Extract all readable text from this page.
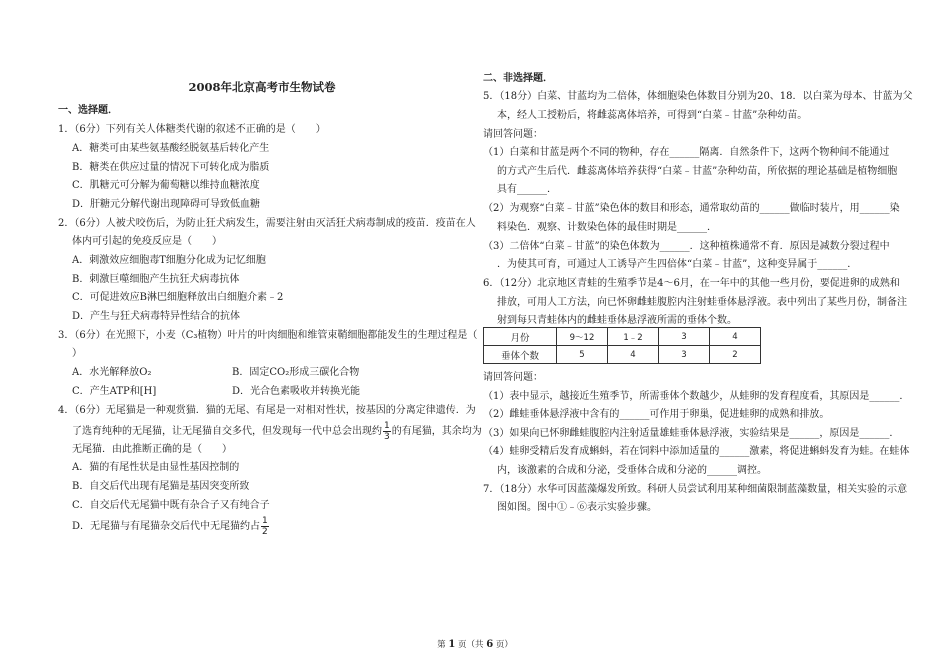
2008年北京高考市生物试卷
一、选择题．
1．（6分）下列有关人体糖类代谢的叙述不正确的是（　　）
A．糖类可由某些氨基酸经脱氨基后转化产生
B．糖类在供应过量的情况下可转化成为脂质
C．肌糖元可分解为葡萄糖以维持血糖浓度
D．肝糖元分解代谢出现障碍可导致低血糖
2．（6分）人被犬咬伤后，为防止狂犬病发生，需要注射由灭活狂犬病毒制成的疫苗．疫苗在人
体内可引起的免疫反应是（　　）
A．刺激效应细胞毒T细胞分化成为记忆细胞
B．刺激巨噬细胞产生抗狂犬病毒抗体
C．可促进效应B淋巴细胞释放出白细胞介素﹣2
D．产生与狂犬病毒特异性结合的抗体
3．（6分）在光照下，小麦（C₃植物）叶片的叶肉细胞和维管束鞘细胞都能发生的生理过程是（
）
A．水光解释放O₂	B．固定CO₂形成三碳化合物
C．产生ATP和[H]	D．光合色素吸收并转换光能
4．（6分）无尾猫是一种观赏猫．猫的无尾、有尾是一对相对性状，按基因的分离定律遗传．为
了选育纯种的无尾猫，让无尾猫自交多代，但发现每一代中总会出现约 $\frac{1}{3}$ 的有尾猫，其余均为
无尾猫．由此推断正确的是（　　）
A．猫的有尾性状是由显性基因控制的
B．自交后代出现有尾猫是基因突变所致
C．自交后代无尾猫中既有杂合子又有纯合子
D．无尾猫与有尾猫杂交后代中无尾猫约占 $\frac{1}{2}$
二、非选择题．
5．（18分）白菜、甘蓝均为二倍体，体细胞染色体数目分别为20、18．以白菜为母本、甘蓝为父
本，经人工授粉后，将雌蕊离体培养，可得到“白菜﹣甘蓝”杂种幼苗。
请回答问题：
（1）白菜和甘蓝是两个不同的物种，存在______隔离．自然条件下，这两个物种间不能通过
的方式产生后代．雌蕊离体培养获得“白菜﹣甘蓝”杂种幼苗，所依据的理论基础是植物细胞
具有______．
（2）为观察“白菜﹣甘蓝”染色体的数目和形态，通常取幼苗的______做临时装片，用______染
料染色．观察、计数染色体的最佳时期是______．
（3）二倍体“白菜﹣甘蓝”的染色体数为______．这种植株通常不育．原因是减数分裂过程中
．为使其可育，可通过人工诱导产生四倍体“白菜﹣甘蓝”，这种变异属于______．
6．（12分）北京地区青蛙的生殖季节是4～6月，在一年中的其他一些月份，要促进卵的成熟和
排放，可用人工方法，向已怀卵雌蛙腹腔内注射蛙垂体悬浮液。表中列出了某些月份，制备注
射到每只青蛙体内的雌蛙垂体悬浮液所需的垂体个数。
月份	9～12	1﹣2	3	4
垂体个数	5	4	3	2
请回答问题：
（1）表中显示，越接近生殖季节，所需垂体个数越少，从蛙卵的发育程度看，其原因是______．
（2）雌蛙垂体悬浮液中含有的______可作用于卵巢，促进蛙卵的成熟和排放。
（3）如果向已怀卵雌蛙腹腔内注射适量雄蛙垂体悬浮液，实验结果是______，原因是______．
（4）蛙卵受精后发育成蝌蚪，若在饲料中添加适量的______激素，将促进蝌蚪发育为蛙。在蛙体
内，该激素的合成和分泌，受垂体合成和分泌的______调控。
7．（18分）水华可因蓝藻爆发所致。科研人员尝试利用某种细菌限制蓝藻数量，相关实验的示意
图如图。图中①﹣⑥表示实验步骤。
第 1 页（共 6 页）
